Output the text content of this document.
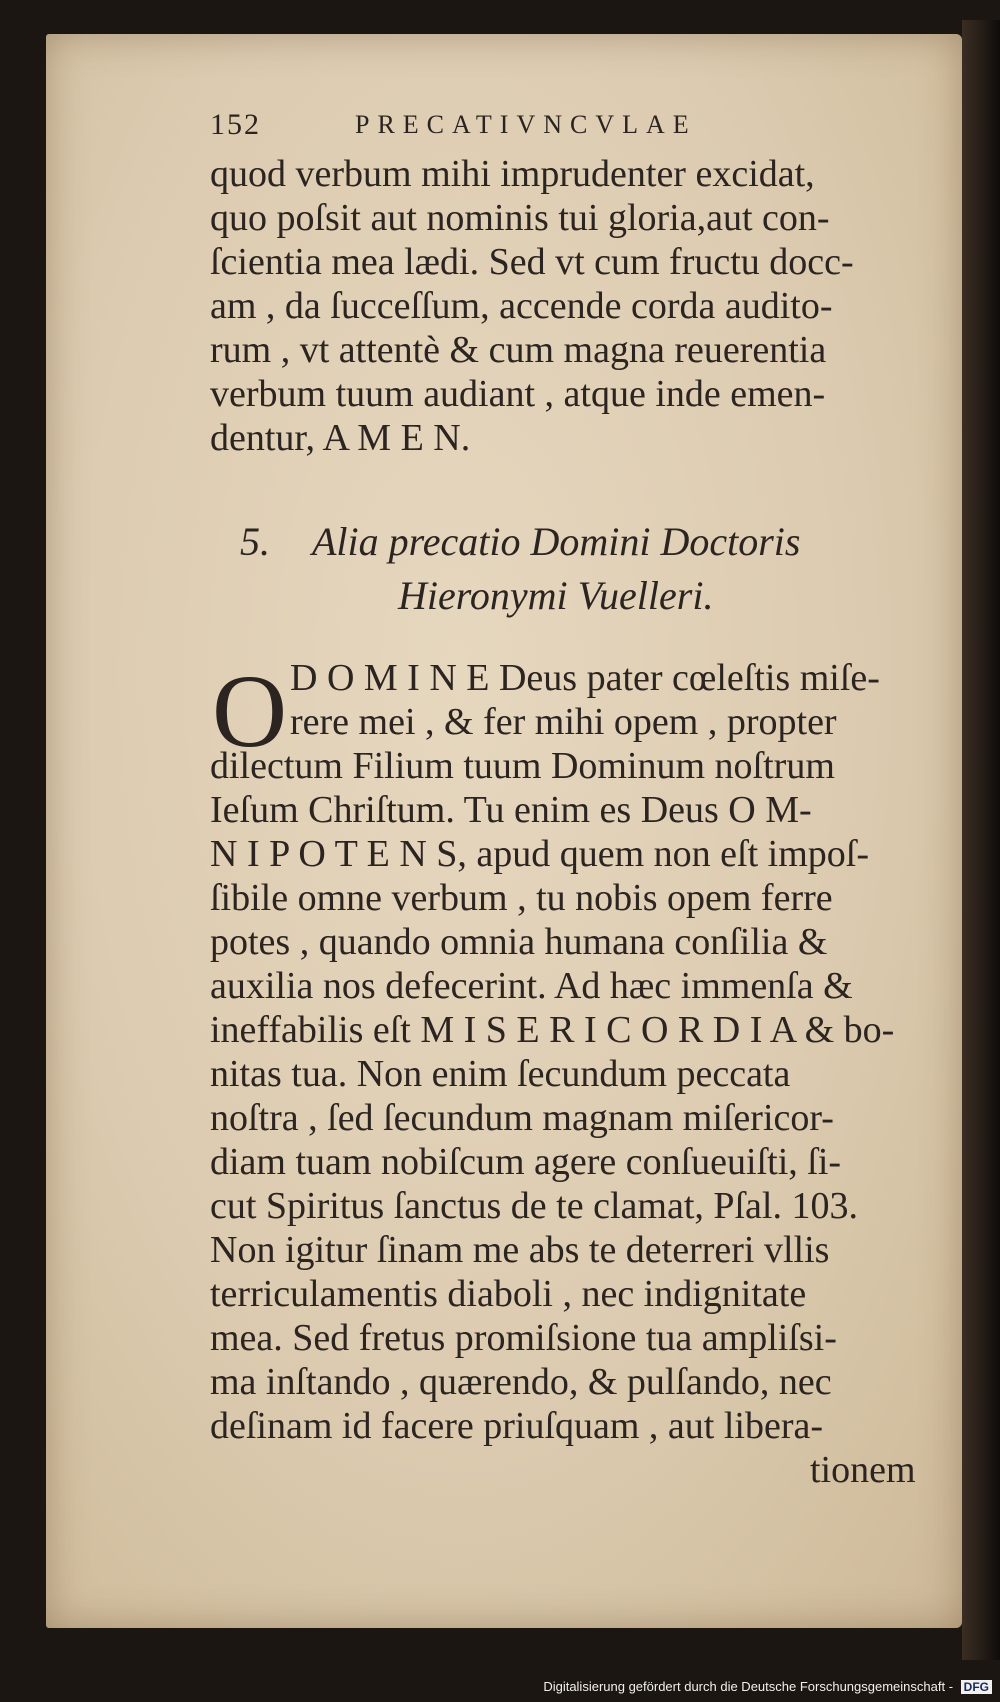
152	PRECATIVNCVLAE
quod verbum mihi imprudenter excidat,
quo poſsit aut nominis tui gloria,aut con-
ſcientia mea lædi. Sed vt cum fructu docc-
am , da ſucceſſum, accende corda audito-
rum , vt attentè & cum magna reuerentia
verbum tuum audiant , atque inde emen-
dentur, A M E N.
5. Alia precatio Domini Doctoris
Hieronymi Vuelleri.
O D O M I N E Deus pater cœleſtis miſe-
rere mei , & fer mihi opem , propter
dilectum Filium tuum Dominum noſtrum
Ieſum Chriſtum. Tu enim es Deus O M-
N I P O T E N S, apud quem non eſt impoſ-
ſibile omne verbum , tu nobis opem ferre
potes , quando omnia humana conſilia &
auxilia nos defecerint. Ad hæc immenſa &
ineffabilis eſt M I S E R I C O R D I A & bo-
nitas tua. Non enim ſecundum peccata
noſtra , ſed ſecundum magnam miſericor-
diam tuam nobiſcum agere conſueuiſti, ſi-
cut Spiritus ſanctus de te clamat, Pſal. 103.
Non igitur ſinam me abs te deterreri vllis
terriculamentis diaboli , nec indignitate
mea. Sed fretus promiſsione tua ampliſsi-
ma inſtando , quærendo, & pulſando, nec
deſinam id facere priuſquam , aut libera-
tionem
Digitalisierung gefördert durch die Deutsche Forschungsgemeinschaft - DFG
